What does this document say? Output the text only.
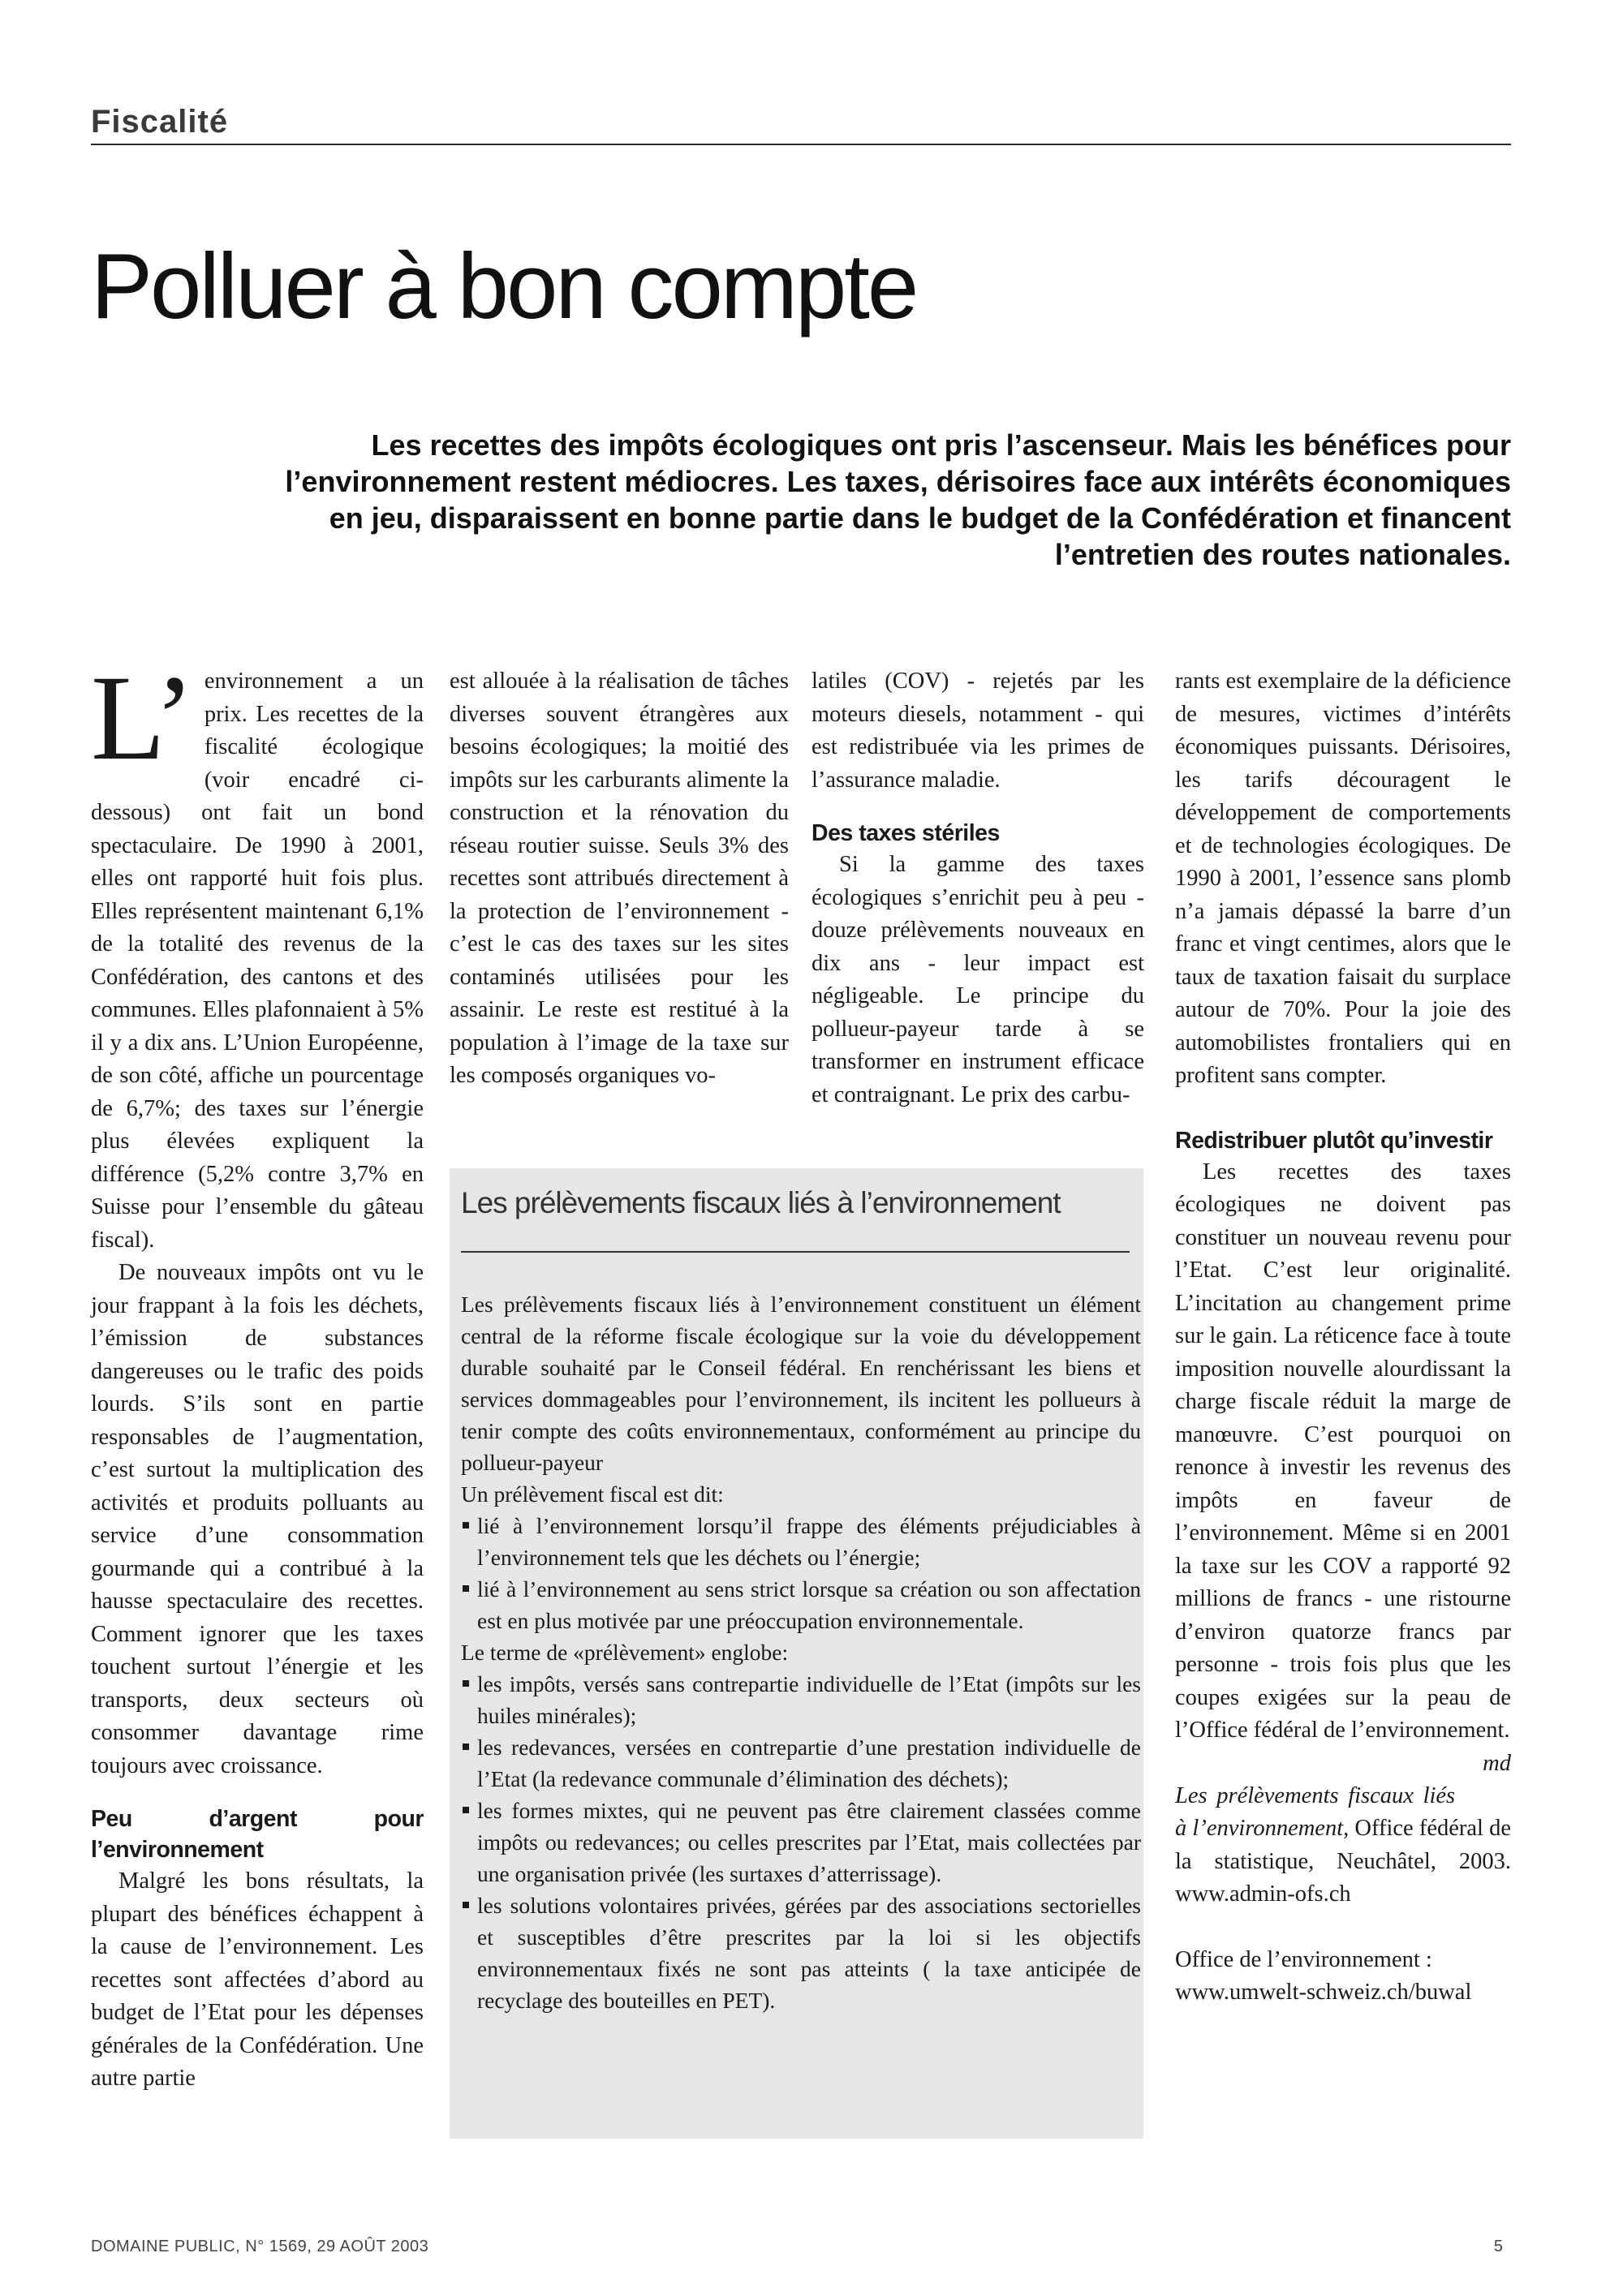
Fiscalité
Polluer à bon compte
Les recettes des impôts écologiques ont pris l’ascenseur. Mais les bénéfices pour l’environnement restent médiocres. Les taxes, dérisoires face aux intérêts économiques en jeu, disparaissent en bonne partie dans le budget de la Confédération et financent l’entretien des routes nationales.

L’ environnement a un prix. Les recettes de la fiscalité écologique (voir encadré ci-dessous) ont fait un bond spectaculaire. De 1990 à 2001, elles ont rapporté huit fois plus. Elles représentent maintenant 6,1% de la totalité des revenus de la Confédération, des cantons et des communes. Elles plafonnaient à 5% il y a dix ans. L’Union Européenne, de son côté, affiche un pourcentage de 6,7%; des taxes sur l’énergie plus élevées expliquent la différence (5,2% contre 3,7% en Suisse pour l’ensemble du gâteau fiscal).

De nouveaux impôts ont vu le jour frappant à la fois les déchets, l’émission de substances dangereuses ou le trafic des poids lourds. S’ils sont en partie responsables de l’augmentation, c’est surtout la multiplication des activités et produits polluants au service d’une consommation gourmande qui a contribué à la hausse spectaculaire des recettes. Comment ignorer que les taxes touchent surtout l’énergie et les transports, deux secteurs où consommer davantage rime toujours avec croissance.

Peu d’argent pour l’environnement

Malgré les bons résultats, la plupart des bénéfices échappent à la cause de l’environnement. Les recettes sont affectées d’abord au budget de l’Etat pour les dépenses générales de la Confédération. Une autre partie

est allouée à la réalisation de tâches diverses souvent étrangères aux besoins écologiques; la moitié des impôts sur les carburants alimente la construction et la rénovation du réseau routier suisse. Seuls 3% des recettes sont attribués directement à la protection de l’environnement - c’est le cas des taxes sur les sites contaminés utilisées pour les assainir. Le reste est restitué à la population à l’image de la taxe sur les composés organiques vo-

latiles (COV) - rejetés par les moteurs diesels, notamment - qui est redistribuée via les primes de l’assurance maladie.

Des taxes stériles

Si la gamme des taxes écologiques s’enrichit peu à peu - douze prélèvements nouveaux en dix ans - leur impact est négligeable. Le principe du pollueur-payeur tarde à se transformer en instrument efficace et contraignant. Le prix des carbu-

rants est exemplaire de la déficience de mesures, victimes d’intérêts économiques puissants. Dérisoires, les tarifs découragent le développement de comportements et de technologies écologiques. De 1990 à 2001, l’essence sans plomb n’a jamais dépassé la barre d’un franc et vingt centimes, alors que le taux de taxation faisait du surplace autour de 70%. Pour la joie des automobilistes frontaliers qui en profitent sans compter.

Redistribuer plutôt qu’investir

Les recettes des taxes écologiques ne doivent pas constituer un nouveau revenu pour l’Etat. C’est leur originalité. L’incitation au changement prime sur le gain. La réticence face à toute imposition nouvelle alourdissant la charge fiscale réduit la marge de manœuvre. C’est pourquoi on renonce à investir les revenus des impôts en faveur de l’environnement. Même si en 2001 la taxe sur les COV a rapporté 92 millions de francs - une ristourne d’environ quatorze francs par personne - trois fois plus que les coupes exigées sur la peau de l’Office fédéral de l’environnement.
md

Les prélèvements fiscaux liés à l’environnement, Office fédéral de la statistique, Neuchâtel, 2003. www.admin-ofs.ch
Office de l’environnement :
www.umwelt-schweiz.ch/buwal
Les prélèvements fiscaux liés à l’environnement

Les prélèvements fiscaux liés à l’environnement constituent un élément central de la réforme fiscale écologique sur la voie du développement durable souhaité par le Conseil fédéral. En renchérissant les biens et services dommageables pour l’environnement, ils incitent les pollueurs à tenir compte des coûts environnementaux, conformément au principe du pollueur-payeur

Un prélèvement fiscal est dit:

lié à l’environnement lorsqu’il frappe des éléments préjudiciables à l’environnement tels que les déchets ou l’énergie;
lié à l’environnement au sens strict lorsque sa création ou son affectation est en plus motivée par une préoccupation environnementale.

Le terme de «prélèvement» englobe:

les impôts, versés sans contrepartie individuelle de l’Etat (impôts sur les huiles minérales);
les redevances, versées en contrepartie d’une prestation individuelle de l’Etat (la redevance communale d’élimination des déchets);
les formes mixtes, qui ne peuvent pas être clairement classées comme impôts ou redevances; ou celles prescrites par l’Etat, mais collectées par une organisation privée (les surtaxes d’atterrissage).
les solutions volontaires privées, gérées par des associations sectorielles et susceptibles d’être prescrites par la loi si les objectifs environnementaux fixés ne sont pas atteints ( la taxe anticipée de recyclage des bouteilles en PET).
DOMAINE PUBLIC, N° 1569, 29 AOÛT 2003	5
